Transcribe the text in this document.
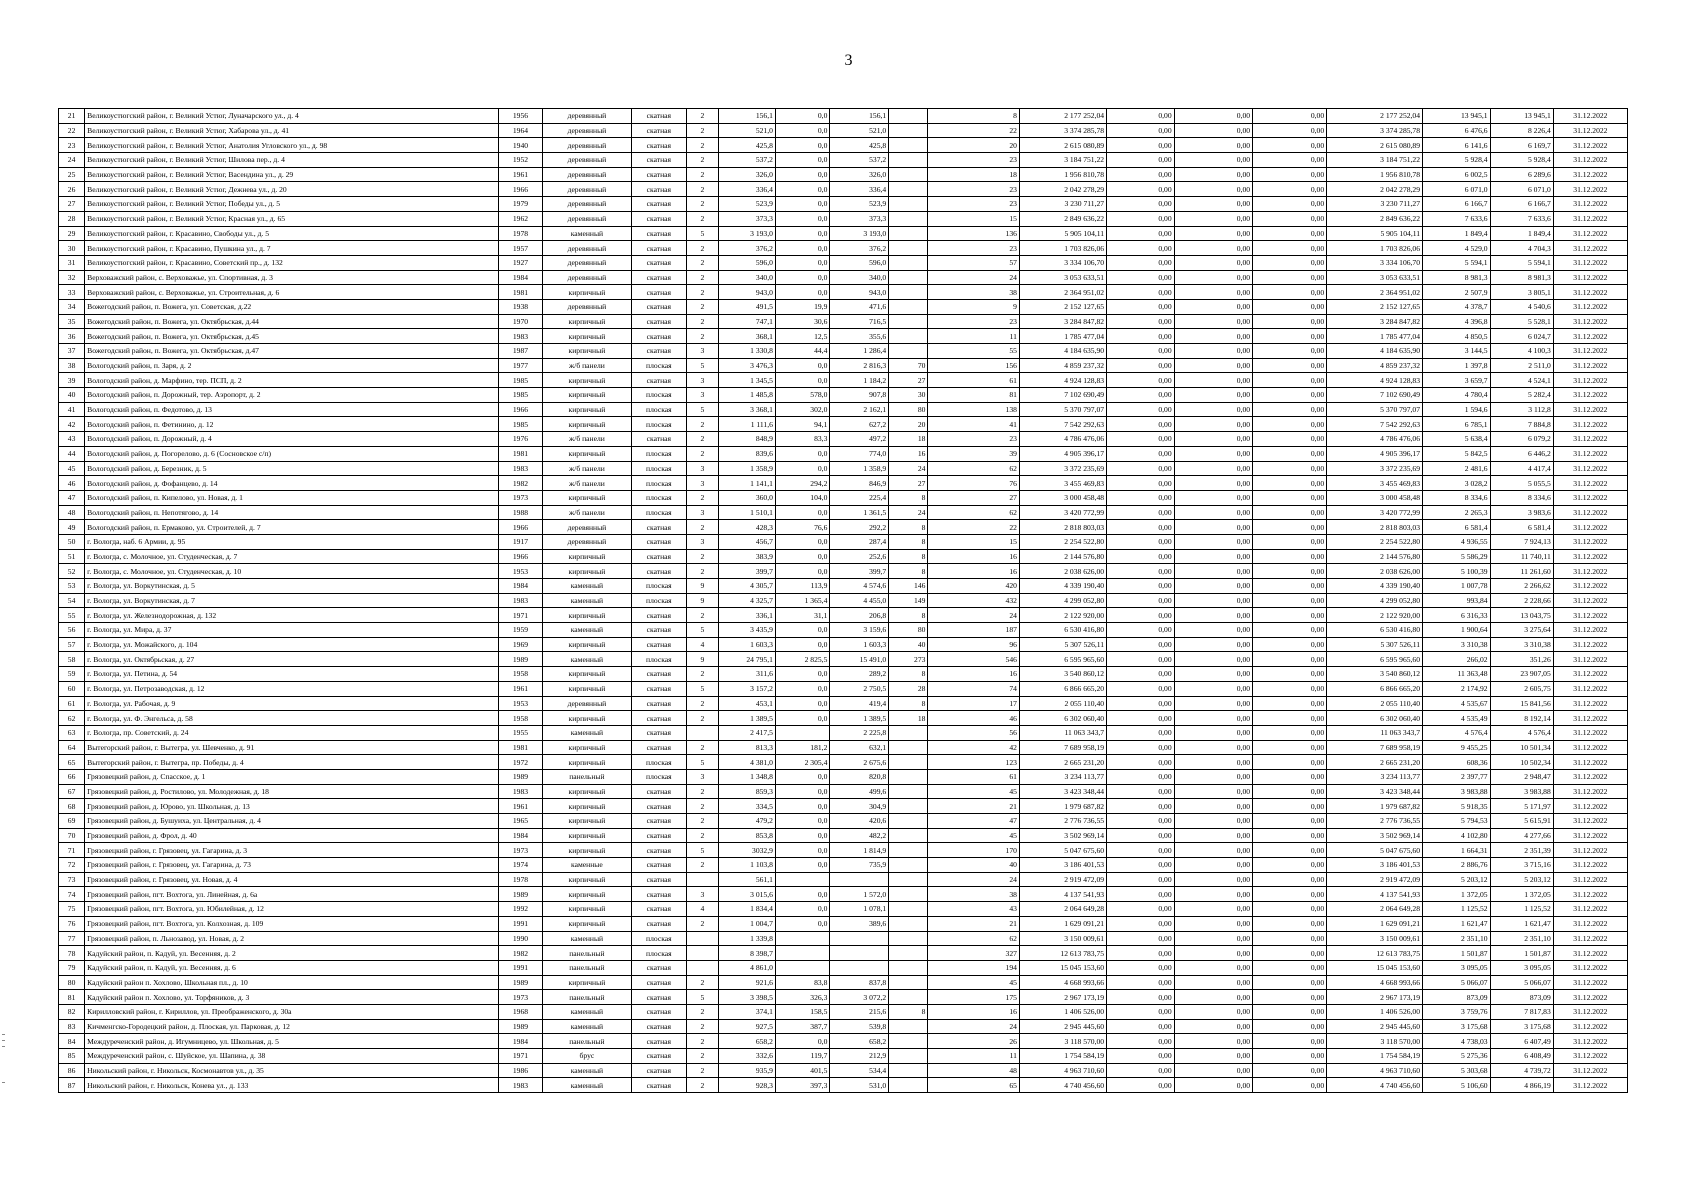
3
21	Великоустюгский район, г. Великий Устюг, Луначарского ул., д. 4	1956	деревянный	скатная	2	156,1	0,0	156,1		8	2 177 252,04	0,00	0,00	0,00	2 177 252,04	13 945,1	13 945,1	31.12.2022
22	Великоустюгский район, г. Великий Устюг, Хабарова ул., д. 41	1964	деревянный	скатная	2	521,0	0,0	521,0		22	3 374 285,78	0,00	0,00	0,00	3 374 285,78	6 476,6	8 226,4	31.12.2022
23	Великоустюгский район, г. Великий Устюг, Анатолия Угловского ул., д. 98	1940	деревянный	скатная	2	425,8	0,0	425,8		20	2 615 080,89	0,00	0,00	0,00	2 615 080,89	6 141,6	6 169,7	31.12.2022
24	Великоустюгский район, г. Великий Устюг, Шилова пер., д. 4	1952	деревянный	скатная	2	537,2	0,0	537,2		23	3 184 751,22	0,00	0,00	0,00	3 184 751,22	5 928,4	5 928,4	31.12.2022
25	Великоустюгский район, г. Великий Устюг, Васендина ул., д. 29	1961	деревянный	скатная	2	326,0	0,0	326,0		18	1 956 810,78	0,00	0,00	0,00	1 956 810,78	6 002,5	6 289,6	31.12.2022
26	Великоустюгский район, г. Великий Устюг, Дежнева ул., д. 20	1966	деревянный	скатная	2	336,4	0,0	336,4		23	2 042 278,29	0,00	0,00	0,00	2 042 278,29	6 071,0	6 071,0	31.12.2022
27	Великоустюгский район, г. Великий Устюг, Победы ул., д. 5	1979	деревянный	скатная	2	523,9	0,0	523,9		23	3 230 711,27	0,00	0,00	0,00	3 230 711,27	6 166,7	6 166,7	31.12.2022
28	Великоустюгский район, г. Великий Устюг, Красная ул., д. 65	1962	деревянный	скатная	2	373,3	0,0	373,3		15	2 849 636,22	0,00	0,00	0,00	2 849 636,22	7 633,6	7 633,6	31.12.2022
29	Великоустюгский район, г. Красавино, Свободы ул., д. 5	1978	каменный	скатная	5	3 193,0	0,0	3 193,0		136	5 905 104,11	0,00	0,00	0,00	5 905 104,11	1 849,4	1 849,4	31.12.2022
30	Великоустюгский район, г. Красавино, Пушкина ул., д. 7	1957	деревянный	скатная	2	376,2	0,0	376,2		23	1 703 826,06	0,00	0,00	0,00	1 703 826,06	4 529,0	4 704,3	31.12.2022
31	Великоустюгский район, г. Красавино, Советский пр., д. 132	1927	деревянный	скатная	2	596,0	0,0	596,0		57	3 334 106,70	0,00	0,00	0,00	3 334 106,70	5 594,1	5 594,1	31.12.2022
32	Верховажский район, с. Верховажье, ул. Спортивная, д. 3	1984	деревянный	скатная	2	340,0	0,0	340,0		24	3 053 633,51	0,00	0,00	0,00	3 053 633,51	8 981,3	8 981,3	31.12.2022
33	Верховажский район, с. Верховажье, ул. Строительная, д. 6	1981	кирпичный	скатная	2	943,0	0,0	943,0		38	2 364 951,02	0,00	0,00	0,00	2 364 951,02	2 507,9	3 805,1	31.12.2022
34	Вожегодский район, п. Вожега, ул. Советская, д.22	1938	деревянный	скатная	2	491,5	19,9	471,6		9	2 152 127,65	0,00	0,00	0,00	2 152 127,65	4 378,7	4 540,6	31.12.2022
35	Вожегодский район, п. Вожега, ул. Октябрьская, д.44	1970	кирпичный	скатная	2	747,1	30,6	716,5		23	3 284 847,82	0,00	0,00	0,00	3 284 847,82	4 396,8	5 528,1	31.12.2022
36	Вожегодский район, п. Вожега, ул. Октябрьская, д.45	1983	кирпичный	скатная	2	368,1	12,5	355,6		11	1 785 477,04	0,00	0,00	0,00	1 785 477,04	4 850,5	6 024,7	31.12.2022
37	Вожегодский район, п. Вожега, ул. Октябрьская, д.47	1987	кирпичный	скатная	3	1 330,8	44,4	1 286,4		55	4 184 635,90	0,00	0,00	0,00	4 184 635,90	3 144,5	4 100,3	31.12.2022
38	Вологодский район, п. Заря, д. 2	1977	ж/б панели	плоская	5	3 476,3	0,0	2 816,3	70	156	4 859 237,32	0,00	0,00	0,00	4 859 237,32	1 397,8	2 511,0	31.12.2022
39	Вологодский район, д. Марфино, тер. ПСП, д. 2	1985	кирпичный	скатная	3	1 345,5	0,0	1 184,2	27	61	4 924 128,83	0,00	0,00	0,00	4 924 128,83	3 659,7	4 524,1	31.12.2022
40	Вологодский район, п. Дорожный, тер. Аэропорт, д. 2	1985	кирпичный	плоская	3	1 485,8	578,0	907,8	30	81	7 102 690,49	0,00	0,00	0,00	7 102 690,49	4 780,4	5 282,4	31.12.2022
41	Вологодский район, п. Федотово, д. 13	1966	кирпичный	плоская	5	3 368,1	302,0	2 162,1	80	138	5 370 797,07	0,00	0,00	0,00	5 370 797,07	1 594,6	3 112,8	31.12.2022
42	Вологодский район, п. Фетинино, д. 12	1985	кирпичный	плоская	2	1 111,6	94,1	627,2	20	41	7 542 292,63	0,00	0,00	0,00	7 542 292,63	6 785,1	7 884,8	31.12.2022
43	Вологодский район, п. Дорожный, д. 4	1976	ж/б панели	скатная	2	848,9	83,3	497,2	18	23	4 786 476,06	0,00	0,00	0,00	4 786 476,06	5 638,4	6 079,2	31.12.2022
44	Вологодский район, д. Погорелово, д. 6 (Сосновское с/п)	1981	кирпичный	плоская	2	839,6	0,0	774,0	16	39	4 905 396,17	0,00	0,00	0,00	4 905 396,17	5 842,5	6 446,2	31.12.2022
45	Вологодский район, д. Березник, д. 5	1983	ж/б панели	плоская	3	1 358,9	0,0	1 358,9	24	62	3 372 235,69	0,00	0,00	0,00	3 372 235,69	2 481,6	4 417,4	31.12.2022
46	Вологодский район, д. Фофанцево, д. 14	1982	ж/б панели	плоская	3	1 141,1	294,2	846,9	27	76	3 455 469,83	0,00	0,00	0,00	3 455 469,83	3 028,2	5 055,5	31.12.2022
47	Вологодский район, п. Кипелово, ул. Новая, д. 1	1973	кирпичный	плоская	2	360,0	104,0	225,4	8	27	3 000 458,48	0,00	0,00	0,00	3 000 458,48	8 334,6	8 334,6	31.12.2022
48	Вологодский район, п. Непотягово, д. 14	1988	ж/б панели	плоская	3	1 510,1	0,0	1 361,5	24	62	3 420 772,99	0,00	0,00	0,00	3 420 772,99	2 265,3	3 983,6	31.12.2022
49	Вологодский район, п. Ермаково, ул. Строителей, д. 7	1966	деревянный	скатная	2	428,3	76,6	292,2	8	22	2 818 803,03	0,00	0,00	0,00	2 818 803,03	6 581,4	6 581,4	31.12.2022
50	г. Вологда, наб. 6 Армии, д. 95	1917	деревянный	скатная	3	456,7	0,0	287,4	8	15	2 254 522,80	0,00	0,00	0,00	2 254 522,80	4 936,55	7 924,13	31.12.2022
51	г. Вологда, с. Молочное, ул. Студенческая, д. 7	1966	кирпичный	скатная	2	383,9	0,0	252,6	8	16	2 144 576,80	0,00	0,00	0,00	2 144 576,80	5 586,29	11 740,11	31.12.2022
52	г. Вологда, с. Молочное, ул. Студенческая, д. 10	1953	кирпичный	скатная	2	399,7	0,0	399,7	8	16	2 038 626,00	0,00	0,00	0,00	2 038 626,00	5 100,39	11 261,60	31.12.2022
53	г. Вологда, ул. Воркутинская, д. 5	1984	каменный	плоская	9	4 305,7	113,9	4 574,6	146	420	4 339 190,40	0,00	0,00	0,00	4 339 190,40	1 007,78	2 266,62	31.12.2022
54	г. Вологда, ул. Воркутинская, д. 7	1983	каменный	плоская	9	4 325,7	1 365,4	4 455,0	149	432	4 299 052,80	0,00	0,00	0,00	4 299 052,80	993,84	2 228,66	31.12.2022
55	г. Вологда, ул. Железнодорожная, д. 132	1971	кирпичный	скатная	2	336,1	31,1	206,8	8	24	2 122 920,00	0,00	0,00	0,00	2 122 920,00	6 316,33	13 043,75	31.12.2022
56	г. Вологда, ул. Мира, д. 37	1959	каменный	скатная	5	3 435,9	0,0	3 159,6	80	187	6 530 416,80	0,00	0,00	0,00	6 530 416,80	1 900,64	3 275,64	31.12.2022
57	г. Вологда, ул. Можайского, д. 104	1969	кирпичный	скатная	4	1 603,3	0,0	1 603,3	40	96	5 307 526,11	0,00	0,00	0,00	5 307 526,11	3 310,38	3 310,38	31.12.2022
58	г. Вологда, ул. Октябрьская, д. 27	1989	каменный	плоская	9	24 795,1	2 825,5	15 491,0	273	546	6 595 965,60	0,00	0,00	0,00	6 595 965,60	266,02	351,26	31.12.2022
59	г. Вологда, ул. Петина, д. 54	1958	кирпичный	скатная	2	311,6	0,0	289,2	8	16	3 540 860,12	0,00	0,00	0,00	3 540 860,12	11 363,48	23 907,05	31.12.2022
60	г. Вологда, ул. Петрозаводская, д. 12	1961	кирпичный	скатная	5	3 157,2	0,0	2 750,5	28	74	6 866 665,20	0,00	0,00	0,00	6 866 665,20	2 174,92	2 605,75	31.12.2022
61	г. Вологда, ул. Рабочая, д. 9	1953	деревянный	скатная	2	453,1	0,0	419,4	8	17	2 055 110,40	0,00	0,00	0,00	2 055 110,40	4 535,67	15 841,56	31.12.2022
62	г. Вологда, ул. Ф. Энгельса, д. 58	1958	кирпичный	скатная	2	1 389,5	0,0	1 389,5	18	46	6 302 060,40	0,00	0,00	0,00	6 302 060,40	4 535,49	8 192,14	31.12.2022
63	г. Вологда, пр. Советский, д. 24	1955	каменный	скатная		2 417,5		2 225,8		56	11 063 343,7	0,00	0,00	0,00	11 063 343,7	4 576,4	4 576,4	31.12.2022
64	Вытегорский район, г. Вытегра, ул. Шевченко, д. 91	1981	кирпичный	скатная	2	813,3	181,2	632,1		42	7 689 958,19	0,00	0,00	0,00	7 689 958,19	9 455,25	10 501,34	31.12.2022
65	Вытегорский район, г. Вытегра, пр. Победы, д. 4	1972	кирпичный	плоская	5	4 381,0	2 305,4	2 675,6		123	2 665 231,20	0,00	0,00	0,00	2 665 231,20	608,36	10 502,34	31.12.2022
66	Грязовецкий район, д. Спасское, д. 1	1989	панельный	плоская	3	1 348,8	0,0	820,8		61	3 234 113,77	0,00	0,00	0,00	3 234 113,77	2 397,77	2 948,47	31.12.2022
67	Грязовецкий район, д. Ростилово, ул. Молодежная, д. 18	1983	кирпичный	скатная	2	859,3	0,0	499,6		45	3 423 348,44	0,00	0,00	0,00	3 423 348,44	3 983,88	3 983,88	31.12.2022
68	Грязовецкий район, д. Юрово, ул. Школьная, д. 13	1961	кирпичный	скатная	2	334,5	0,0	304,9		21	1 979 687,82	0,00	0,00	0,00	1 979 687,82	5 918,35	5 171,97	31.12.2022
69	Грязовецкий район, д. Бушуиха, ул. Центральная, д. 4	1965	кирпичный	скатная	2	479,2	0,0	420,6		47	2 776 736,55	0,00	0,00	0,00	2 776 736,55	5 794,53	5 615,91	31.12.2022
70	Грязовецкий район, д. Фрол, д. 40	1984	кирпичный	скатная	2	853,8	0,0	482,2		45	3 502 969,14	0,00	0,00	0,00	3 502 969,14	4 102,80	4 277,66	31.12.2022
71	Грязовецкий район, г. Грязовец, ул. Гагарина, д. 3	1973	кирпичный	скатная	5	3032,9	0,0	1 814,9		170	5 047 675,60	0,00	0,00	0,00	5 047 675,60	1 664,31	2 351,39	31.12.2022
72	Грязовецкий район, г. Грязовец, ул. Гагарина, д. 73	1974	каменные	скатная	2	1 103,8	0,0	735,9		40	3 186 401,53	0,00	0,00	0,00	3 186 401,53	2 886,76	3 715,16	31.12.2022
73	Грязовецкий район, г. Грязовец, ул. Новая, д. 4	1978	кирпичный	скатная		561,1				24	2 919 472,09	0,00	0,00	0,00	2 919 472,09	5 203,12	5 203,12	31.12.2022
74	Грязовецкий район, пгт. Вохтога, ул. Линейная, д. 6а	1989	кирпичный	скатная	3	3 015,6	0,0	1 572,0		38	4 137 541,93	0,00	0,00	0,00	4 137 541,93	1 372,05	1 372,05	31.12.2022
75	Грязовецкий район, пгт. Вохтога, ул. Юбилейная, д. 12	1992	кирпичный	скатная	4	1 834,4	0,0	1 078,1		43	2 064 649,28	0,00	0,00	0,00	2 064 649,28	1 125,52	1 125,52	31.12.2022
76	Грязовецкий район, пгт. Вохтога, ул. Колхозная, д. 109	1991	кирпичный	скатная	2	1 004,7	0,0	389,6		21	1 629 091,21	0,00	0,00	0,00	1 629 091,21	1 621,47	1 621,47	31.12.2022
77	Грязовецкий район, п. Льнозавод, ул. Новая, д. 2	1990	каменный	плоская		1 339,8				62	3 150 009,61	0,00	0,00	0,00	3 150 009,61	2 351,10	2 351,10	31.12.2022
78	Кадуйский район, п. Кадуй, ул. Весенняя, д. 2	1982	панельный	плоская		8 398,7				327	12 613 783,75	0,00	0,00	0,00	12 613 783,75	1 501,87	1 501,87	31.12.2022
79	Кадуйский район, п. Кадуй, ул. Весенняя, д. 6	1991	панельный	скатная		4 861,0				194	15 045 153,60	0,00	0,00	0,00	15 045 153,60	3 095,05	3 095,05	31.12.2022
80	Кадуйский район п. Хохлово, Школьная пл., д. 10	1989	кирпичный	скатная	2	921,6	83,8	837,8		45	4 668 993,66	0,00	0,00	0,00	4 668 993,66	5 066,07	5 066,07	31.12.2022
81	Кадуйский район п. Хохлово, ул. Торфяников, д. 3	1973	панельный	скатная	5	3 398,5	326,3	3 072,2		175	2 967 173,19	0,00	0,00	0,00	2 967 173,19	873,09	873,09	31.12.2022
82	Кирилловский район, г. Кириллов, ул. Преображенского, д. 30а	1968	каменный	скатная	2	374,1	158,5	215,6	8	16	1 406 526,00	0,00	0,00	0,00	1 406 526,00	3 759,76	7 817,83	31.12.2022
83	Кичменгско-Городецкий район, д. Плоская, ул. Парковая, д. 12	1989	каменный	скатная	2	927,5	387,7	539,8		24	2 945 445,60	0,00	0,00	0,00	2 945 445,60	3 175,68	3 175,68	31.12.2022
84	Междуреченский район, д. Игумницево, ул. Школьная, д. 5	1984	панельный	скатная	2	658,2	0,0	658,2		26	3 118 570,00	0,00	0,00	0,00	3 118 570,00	4 738,03	6 407,49	31.12.2022
85	Междуреченский район, с. Шуйское, ул. Шапина, д. 38	1971	брус	скатная	2	332,6	119,7	212,9		11	1 754 584,19	0,00	0,00	0,00	1 754 584,19	5 275,36	6 408,49	31.12.2022
86	Никольский район, г. Никольск, Космонавтов ул., д. 35	1986	каменный	скатная	2	935,9	401,5	534,4		48	4 963 710,60	0,00	0,00	0,00	4 963 710,60	5 303,68	4 739,72	31.12.2022
87	Никольский район, г. Никольск, Конева ул., д. 133	1983	каменный	скатная	2	928,3	397,3	531,0		65	4 740 456,60	0,00	0,00	0,00	4 740 456,60	5 106,60	4 866,19	31.12.2022
